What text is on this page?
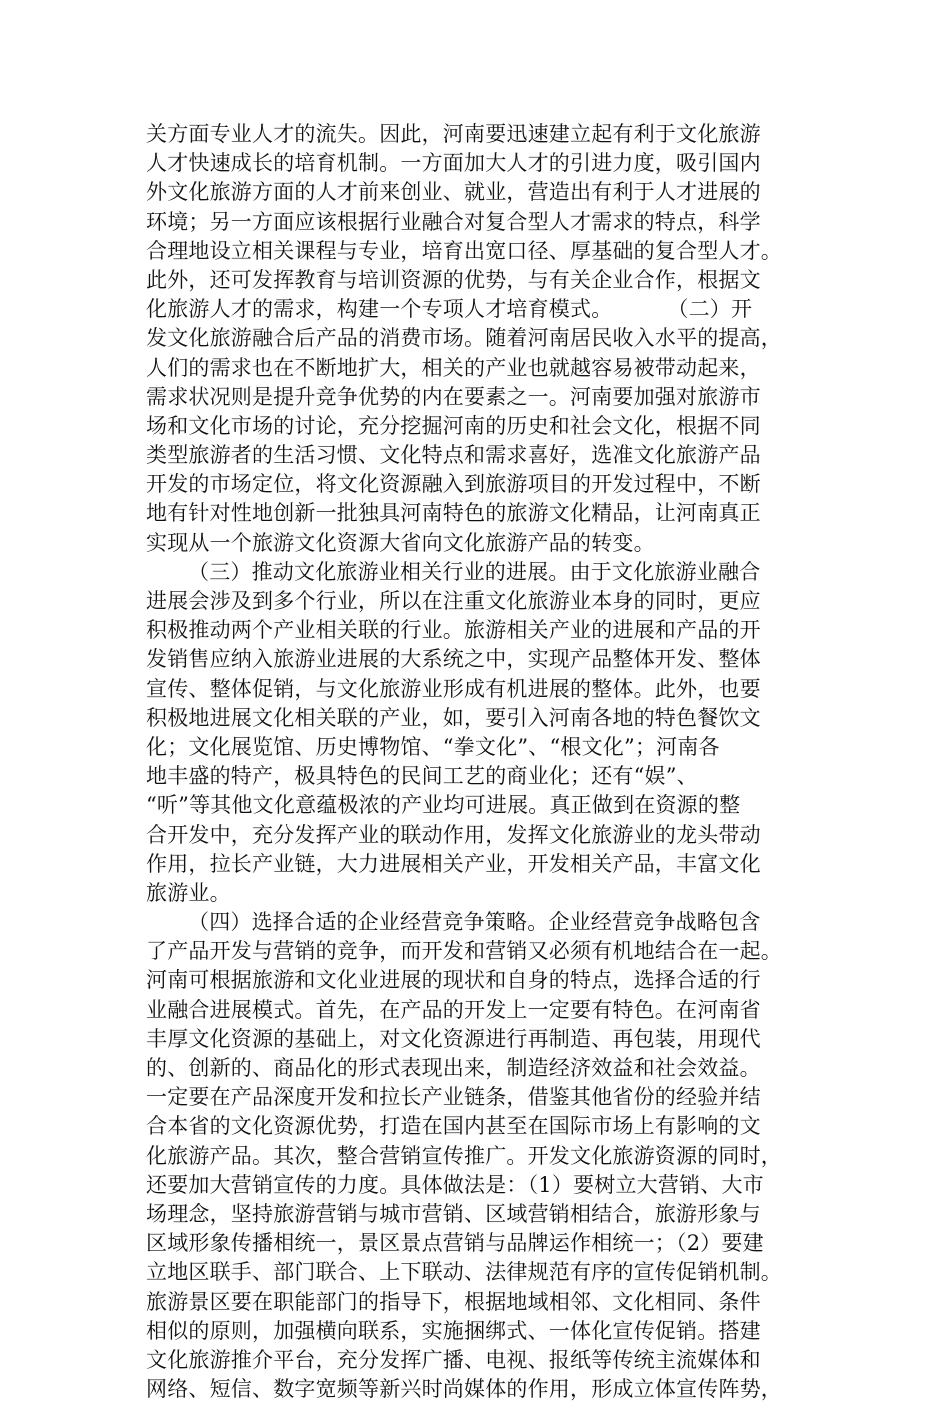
关方面专业人才的流失。因此，河南要迅速建立起有利于文化旅游
人才快速成长的培育机制。一方面加大人才的引进力度，吸引国内
外文化旅游方面的人才前来创业、就业，营造出有利于人才进展的
环境；另一方面应该根据行业融合对复合型人才需求的特点，科学
合理地设立相关课程与专业，培育出宽口径、厚基础的复合型人才。
此外，还可发挥教育与培训资源的优势，与有关企业合作，根据文
化旅游人才的需求，构建一个专项人才培育模式。        （二）开
发文化旅游融合后产品的消费市场。随着河南居民收入水平的提高，
人们的需求也在不断地扩大，相关的产业也就越容易被带动起来，
需求状况则是提升竞争优势的内在要素之一。河南要加强对旅游市
场和文化市场的讨论，充分挖掘河南的历史和社会文化，根据不同
类型旅游者的生活习惯、文化特点和需求喜好，选准文化旅游产品
开发的市场定位，将文化资源融入到旅游项目的开发过程中，不断
地有针对性地创新一批独具河南特色的旅游文化精品，让河南真正
实现从一个旅游文化资源大省向文化旅游产品的转变。
（三）推动文化旅游业相关行业的进展。由于文化旅游业融合
进展会涉及到多个行业，所以在注重文化旅游业本身的同时，更应
积极推动两个产业相关联的行业。旅游相关产业的进展和产品的开
发销售应纳入旅游业进展的大系统之中，实现产品整体开发、整体
宣传、整体促销，与文化旅游业形成有机进展的整体。此外，也要
积极地进展文化相关联的产业，如，要引入河南各地的特色餐饮文
化；文化展览馆、历史博物馆、“拳文化”、“根文化”；河南各
地丰盛的特产，极具特色的民间工艺的商业化；还有“娱”、
“听”等其他文化意蕴极浓的产业均可进展。真正做到在资源的整
合开发中，充分发挥产业的联动作用，发挥文化旅游业的龙头带动
作用，拉长产业链，大力进展相关产业，开发相关产品，丰富文化
旅游业。
（四）选择合适的企业经营竞争策略。企业经营竞争战略包含
了产品开发与营销的竞争，而开发和营销又必须有机地结合在一起。
河南可根据旅游和文化业进展的现状和自身的特点，选择合适的行
业融合进展模式。首先，在产品的开发上一定要有特色。在河南省
丰厚文化资源的基础上，对文化资源进行再制造、再包装，用现代
的、创新的、商品化的形式表现出来，制造经济效益和社会效益。
一定要在产品深度开发和拉长产业链条，借鉴其他省份的经验并结
合本省的文化资源优势，打造在国内甚至在国际市场上有影响的文
化旅游产品。其次，整合营销宣传推广。开发文化旅游资源的同时，
还要加大营销宣传的力度。具体做法是：（1）要树立大营销、大市
场理念，坚持旅游营销与城市营销、区域营销相结合，旅游形象与
区域形象传播相统一，景区景点营销与品牌运作相统一；（2）要建
立地区联手、部门联合、上下联动、法律规范有序的宣传促销机制。
旅游景区要在职能部门的指导下，根据地域相邻、文化相同、条件
相似的原则，加强横向联系，实施捆绑式、一体化宣传促销。搭建
文化旅游推介平台，充分发挥广播、电视、报纸等传统主流媒体和
网络、短信、数字宽频等新兴时尚媒体的作用，形成立体宣传阵势，
